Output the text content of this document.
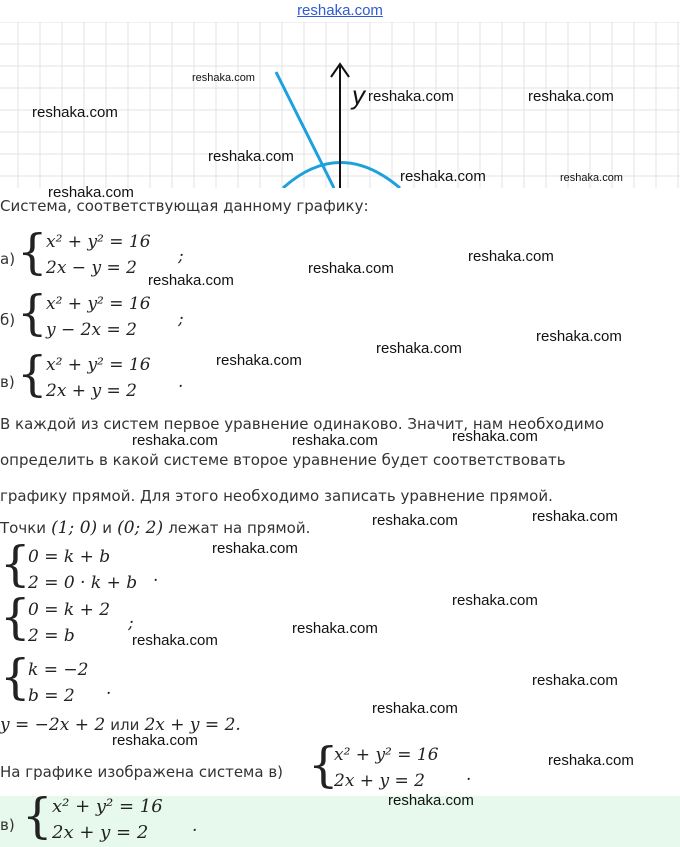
reshaka.com
y
reshaka.com
reshaka.com
reshaka.com	reshaka.com
reshaka.com
reshaka.com	reshaka.com
reshaka.com
reshaka.com
reshaka.com
reshaka.com
reshaka.com
reshaka.com
reshaka.com
reshaka.com
reshaka.com	reshaka.com
reshaka.com
reshaka.com
reshaka.com
reshaka.com
reshaka.com
reshaka.com
reshaka.com
reshaka.com
reshaka.com
reshaka.com
Система, соответствующая данному графику:
а) {
x² + y² = 16
2x − y = 2
;
б) {
x² + y² = 16
y − 2x = 2
;
в) {
x² + y² = 16
2x + y = 2 .
В каждой из систем первое уравнение одинаково. Значит, нам необходимо
определить в какой системе второе уравнение будет соответствовать
графику прямой. Для этого необходимо записать уравнение прямой.
Точки (1; 0) и (0; 2) лежат на прямой.
{
0 = k + b
2 = 0 · k + b .
{
0 = k + 2
2 = b
;
{
k = −2
b = 2 .
y = −2x + 2 или 2x + y = 2.
На графике изображена система в) {
x² + y² = 16
2x + y = 2 .
в) { x² + y² = 16
2x + y = 2	.
reshaka.com
